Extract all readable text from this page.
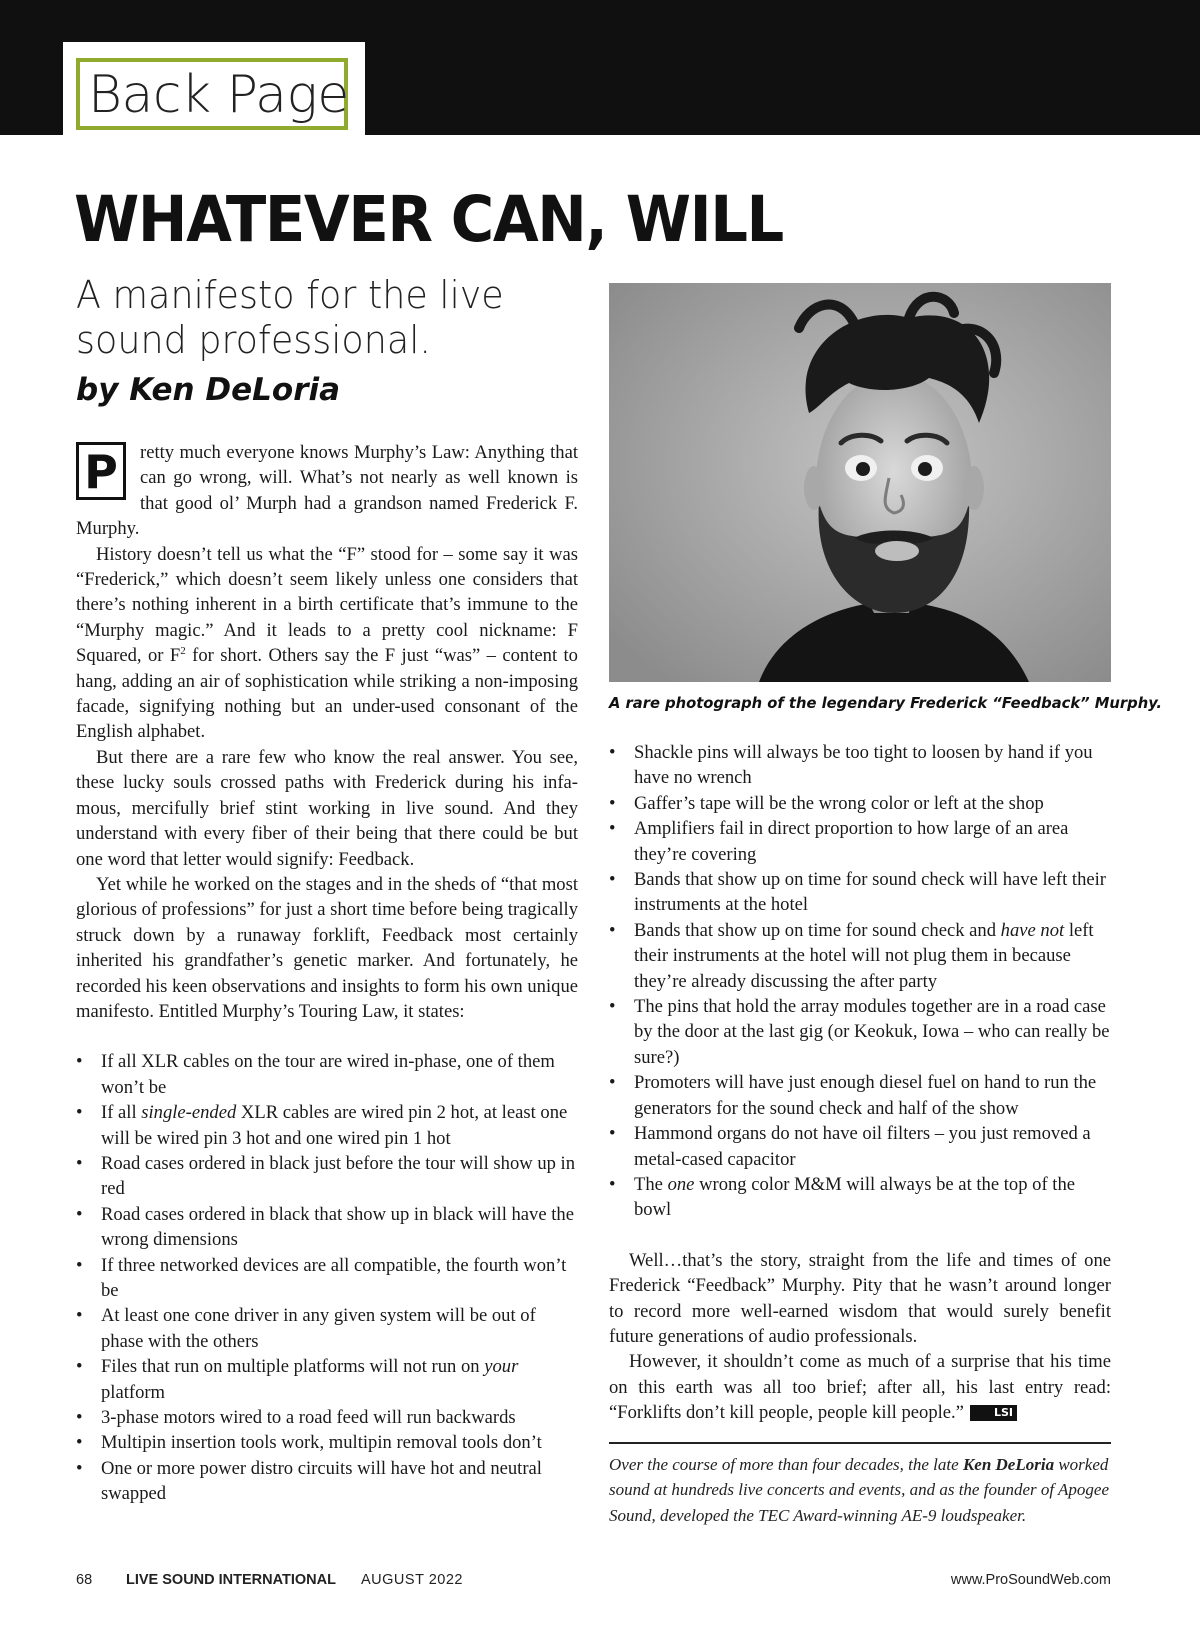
Back Page
WHATEVER CAN, WILL
A manifesto for the live sound professional.
by Ken DeLoria

P	retty much everyone knows Murphy’s Law: Anything that can go wrong, will. What’s not nearly as well known is that good ol’ Murph had a grandson named Frederick F. Murphy.

History doesn’t tell us what the “F” stood for – some say it was “Frederick,” which doesn’t seem likely unless one considers that there’s nothing inherent in a birth certificate that’s immune to the “Murphy magic.” And it leads to a pretty cool nickname: F Squared, or $F^2$ for short. Others say the F just “was” – content to hang, adding an air of sophistication while striking a non-imposing facade, signifying nothing but an under-used consonant of the English alphabet.

But there are a rare few who know the real answer. You see, these lucky souls crossed paths with Frederick during his infamous, mercifully brief stint working in live sound. And they understand with every fiber of their being that there could be but one word that letter would signify: Feedback.

Yet while he worked on the stages and in the sheds of “that most glorious of professions” for just a short time before being tragically struck down by a runaway forklift, Feedback most certainly inherited his grandfather’s genetic marker. And fortunately, he recorded his keen observations and insights to form his own unique manifesto. Entitled Murphy’s Touring Law, it states:

• If all XLR cables on the tour are wired in-phase, one of them won’t be
• If all single-ended XLR cables are wired pin 2 hot, at least one will be wired pin 3 hot and one wired pin 1 hot
• Road cases ordered in black just before the tour will show up in red
• Road cases ordered in black that show up in black will have the wrong dimensions
• If three networked devices are all compatible, the fourth won’t be
• At least one cone driver in any given system will be out of phase with the others
• Files that run on multiple platforms will not run on your platform
• 3-phase motors wired to a road feed will run backwards
• Multipin insertion tools work, multipin removal tools don’t
• One or more power distro circuits will have hot and neutral swapped
A rare photograph of the legendary Frederick “Feedback” Murphy.
• Shackle pins will always be too tight to loosen by hand if you have no wrench
• Gaffer’s tape will be the wrong color or left at the shop
• Amplifiers fail in direct proportion to how large of an area they’re covering
• Bands that show up on time for sound check will have left their instruments at the hotel
• Bands that show up on time for sound check and have not left their instruments at the hotel will not plug them in because they’re already discussing the after party
• The pins that hold the array modules together are in a road case by the door at the last gig (or Keokuk, Iowa – who can really be sure?)
• Promoters will have just enough diesel fuel on hand to run the generators for the sound check and half of the show
• Hammond organs do not have oil filters – you just removed a metal-cased capacitor
• The one wrong color M&M will always be at the top of the bowl

Well…that’s the story, straight from the life and times of one Frederick “Feedback” Murphy. Pity that he wasn’t around longer to record more well-earned wisdom that would surely benefit future generations of audio professionals.

However, it shouldn’t come as much of a surprise that his time on this earth was all too brief; after all, his last entry read: “Forklifts don’t kill people, people kill people.”	LSI

Over the course of more than four decades, the late Ken DeLoria worked sound at hundreds live concerts and events, and as the founder of Apogee Sound, developed the TEC Award-winning AE-9 loudspeaker.

68 LIVE SOUND INTERNATIONAL AUGUST 2022	www.ProSoundWeb.com
